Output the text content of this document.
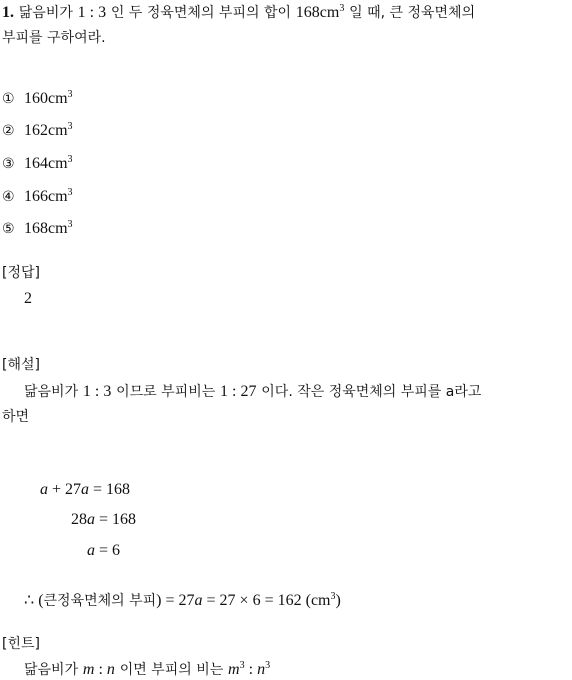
1. 닮음비가 1 : 3 인 두 정육면체의 부피의 합이 $168cm^3$ 일 때, 큰 정육면체의
부피를 구하여라.
① $160cm^3$
② $162cm^3$
③ $164cm^3$
④ $166cm^3$
⑤ $168cm^3$
[정답]
2
[해설]
닮음비가 1 : 3 이므로 부피비는 1 : 27 이다. 작은 정육면체의 부피를 a라고
하면
a + 27a = 168
28a = 168
a = 6
∴ (큰정육면체의 부피) = 27a = 27 × 6 = 162 $(cm^3)$
[힌트]
닮음비가 m : n 이면 부피의 비는 $m^3$ : $n^3$
